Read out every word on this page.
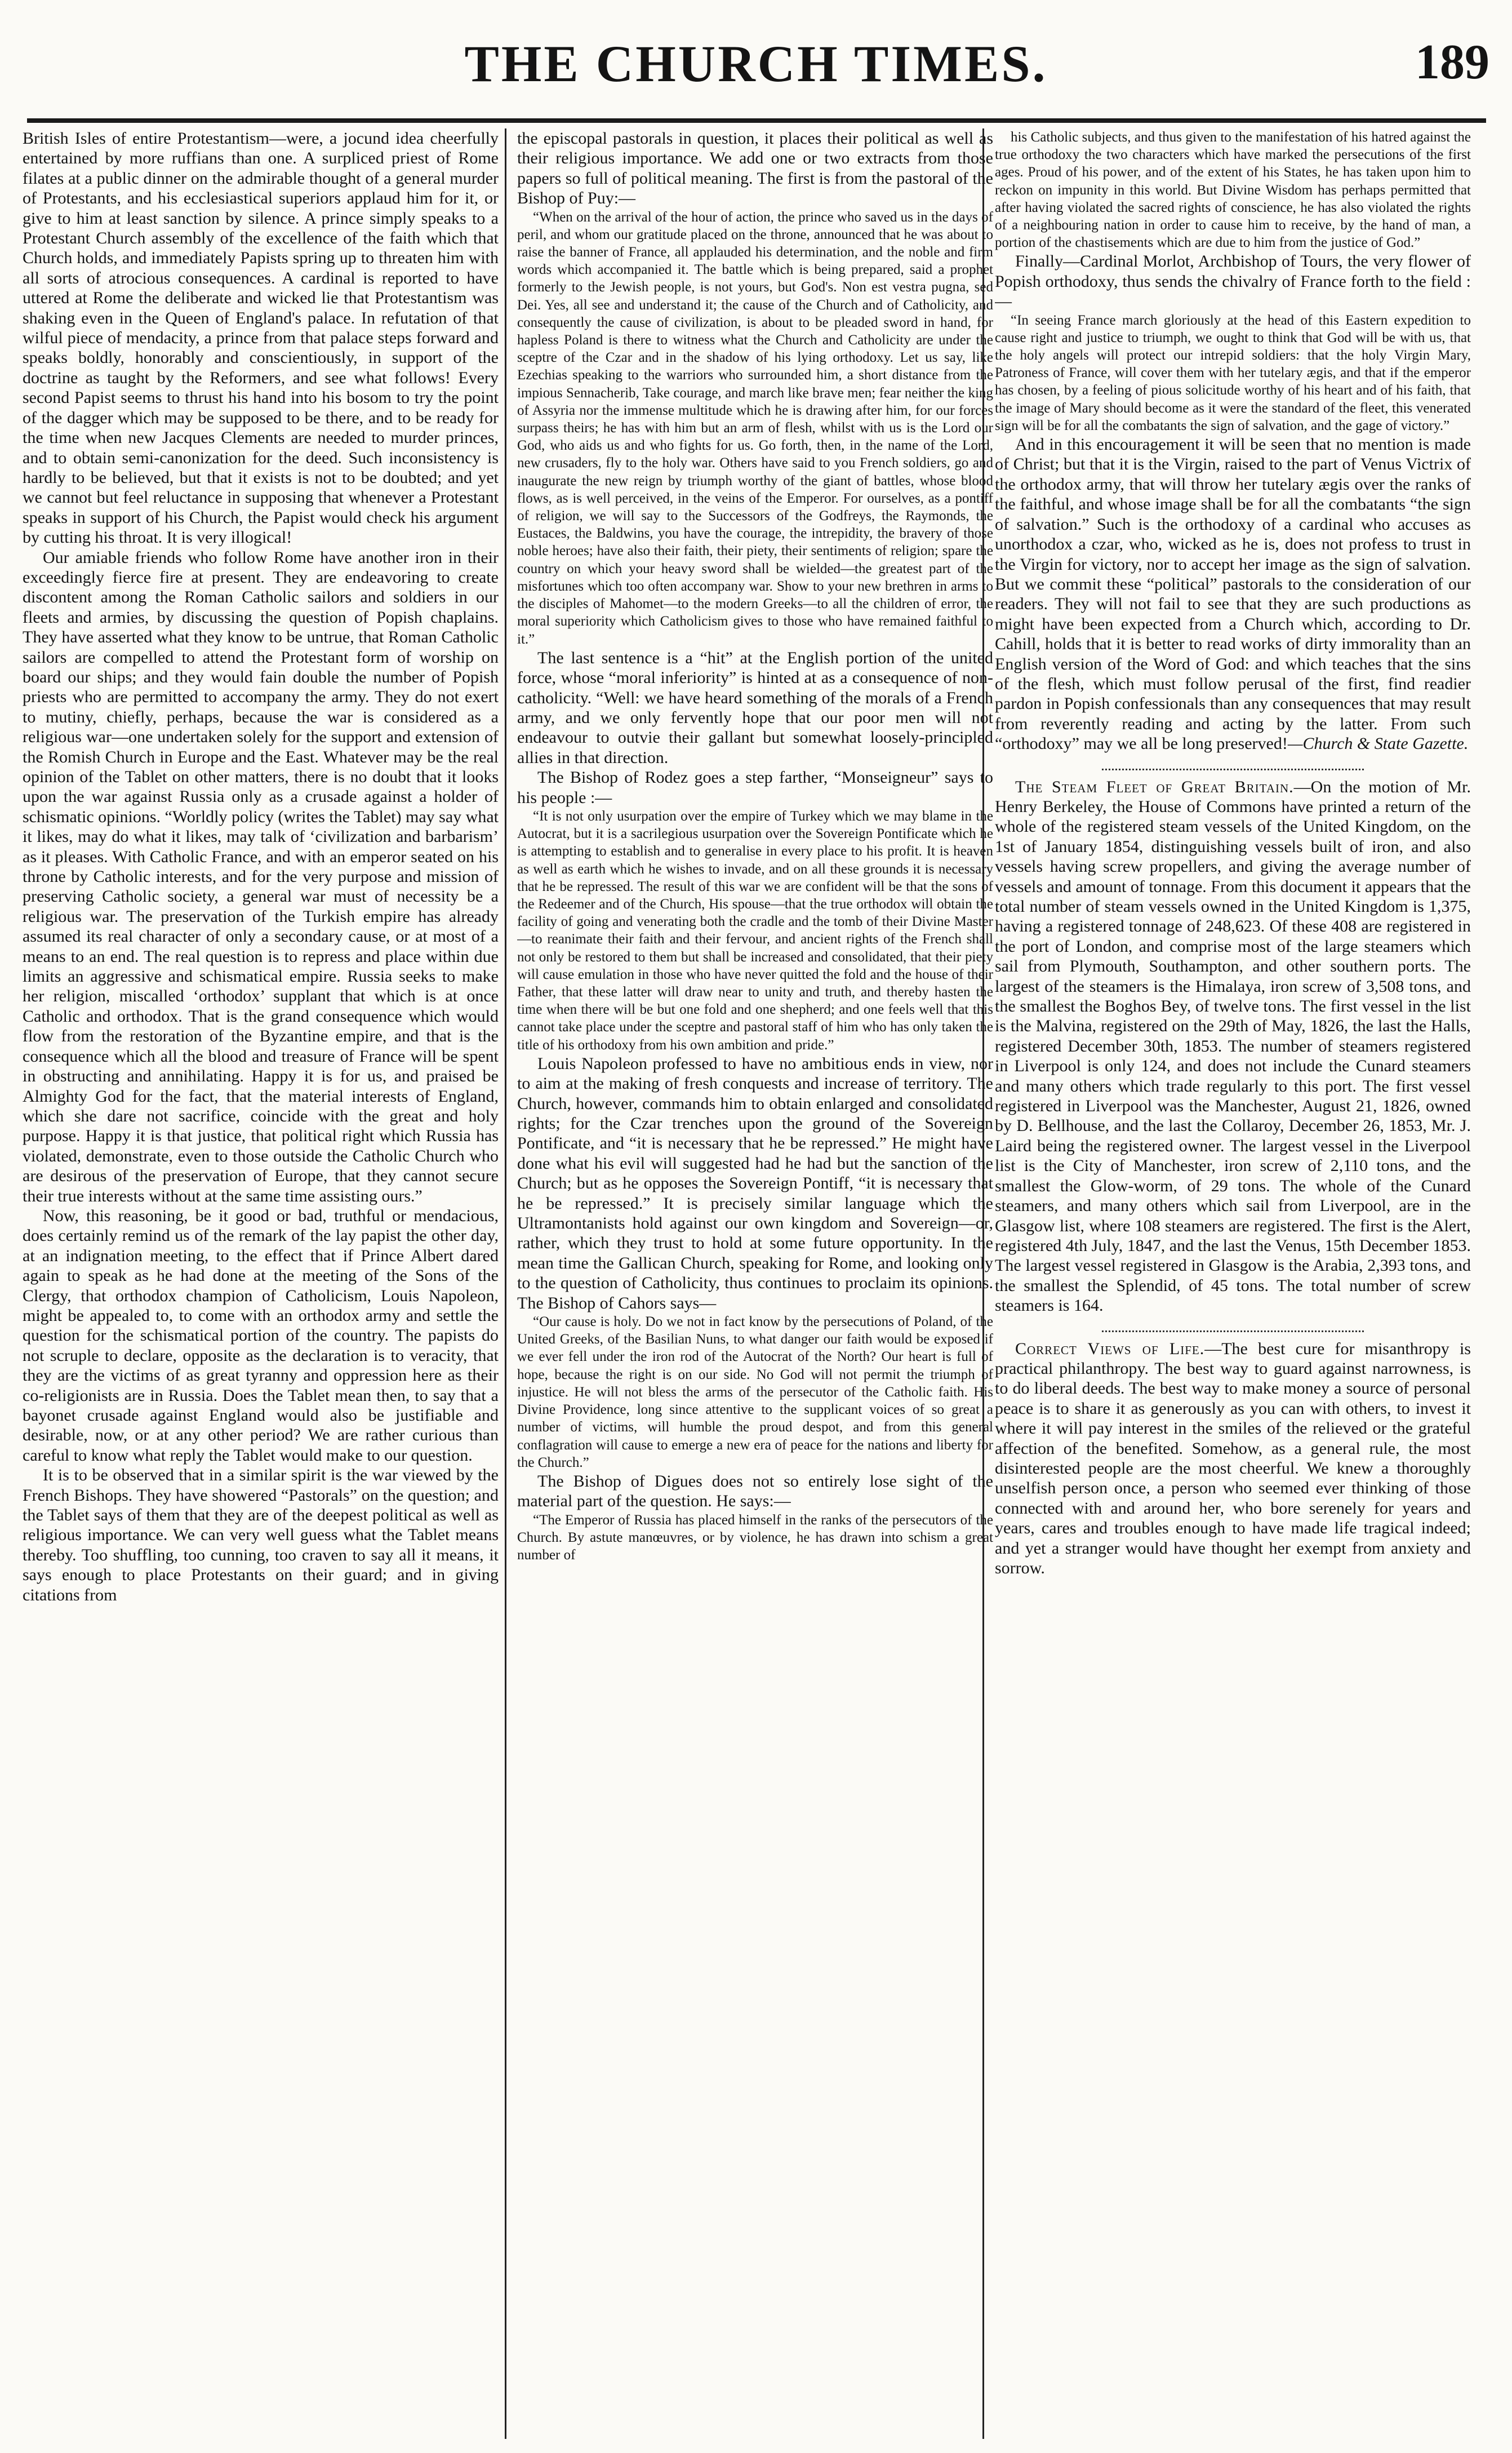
THE CHURCH TIMES.	189

British Isles of entire Protestantism—were, a jocund idea cheerfully entertained by more ruffians than one. A surpliced priest of Rome filates at a public dinner on the admirable thought of a general murder of Protestants, and his ecclesiastical superiors applaud him for it, or give to him at least sanction by silence. A prince simply speaks to a Protestant Church assembly of the excellence of the faith which that Church holds, and immediately Papists spring up to threaten him with all sorts of atrocious consequences. A cardinal is reported to have uttered at Rome the deliberate and wicked lie that Protestantism was shaking even in the Queen of England's palace. In refutation of that wilful piece of mendacity, a prince from that palace steps forward and speaks boldly, honorably and conscientiously, in support of the doctrine as taught by the Reformers, and see what follows! Every second Papist seems to thrust his hand into his bosom to try the point of the dagger which may be supposed to be there, and to be ready for the time when new Jacques Clements are needed to murder princes, and to obtain semi-canonization for the deed. Such inconsistency is hardly to be believed, but that it exists is not to be doubted; and yet we cannot but feel reluctance in supposing that whenever a Protestant speaks in support of his Church, the Papist would check his argument by cutting his throat. It is very illogical!

Our amiable friends who follow Rome have another iron in their exceedingly fierce fire at present. They are endeavoring to create discontent among the Roman Catholic sailors and soldiers in our fleets and armies, by discussing the question of Popish chaplains. They have asserted what they know to be untrue, that Roman Catholic sailors are compelled to attend the Protestant form of worship on board our ships; and they would fain double the number of Popish priests who are permitted to accompany the army. They do not exert to mutiny, chiefly, perhaps, because the war is considered as a religious war—one undertaken solely for the support and extension of the Romish Church in Europe and the East. Whatever may be the real opinion of the Tablet on other matters, there is no doubt that it looks upon the war against Russia only as a crusade against a holder of schismatic opinions. “Worldly policy (writes the Tablet) may say what it likes, may do what it likes, may talk of ‘civilization and barbarism’ as it pleases. With Catholic France, and with an emperor seated on his throne by Catholic interests, and for the very purpose and mission of preserving Catholic society, a general war must of necessity be a religious war. The preservation of the Turkish empire has already assumed its real character of only a secondary cause, or at most of a means to an end. The real question is to repress and place within due limits an aggressive and schismatical empire. Russia seeks to make her religion, miscalled ‘orthodox’ supplant that which is at once Catholic and orthodox. That is the grand consequence which would flow from the restoration of the Byzantine empire, and that is the consequence which all the blood and treasure of France will be spent in obstructing and annihilating. Happy it is for us, and praised be Almighty God for the fact, that the material interests of England, which she dare not sacrifice, coincide with the great and holy purpose. Happy it is that justice, that political right which Russia has violated, demonstrate, even to those outside the Catholic Church who are desirous of the preservation of Europe, that they cannot secure their true interests without at the same time assisting ours.”

Now, this reasoning, be it good or bad, truthful or mendacious, does certainly remind us of the remark of the lay papist the other day, at an indignation meeting, to the effect that if Prince Albert dared again to speak as he had done at the meeting of the Sons of the Clergy, that orthodox champion of Catholicism, Louis Napoleon, might be appealed to, to come with an orthodox army and settle the question for the schismatical portion of the country. The papists do not scruple to declare, opposite as the declaration is to veracity, that they are the victims of as great tyranny and oppression here as their co-religionists are in Russia. Does the Tablet mean then, to say that a bayonet crusade against England would also be justifiable and desirable, now, or at any other period? We are rather curious than careful to know what reply the Tablet would make to our question.

It is to be observed that in a similar spirit is the war viewed by the French Bishops. They have showered “Pastorals” on the question; and the Tablet says of them that they are of the deepest political as well as religious importance. We can very well guess what the Tablet means thereby. Too shuffling, too cunning, too craven to say all it means, it says enough to place Protestants on their guard; and in giving citations from

the episcopal pastorals in question, it places their political as well as their religious importance. We add one or two extracts from those papers so full of political meaning. The first is from the pastoral of the Bishop of Puy:—

“When on the arrival of the hour of action, the prince who saved us in the days of peril, and whom our gratitude placed on the throne, announced that he was about to raise the banner of France, all applauded his determination, and the noble and firm words which accompanied it. The battle which is being prepared, said a prophet formerly to the Jewish people, is not yours, but God's. Non est vestra pugna, sed Dei. Yes, all see and understand it; the cause of the Church and of Catholicity, and consequently the cause of civilization, is about to be pleaded sword in hand, for hapless Poland is there to witness what the Church and Catholicity are under the sceptre of the Czar and in the shadow of his lying orthodoxy. Let us say, like Ezechias speaking to the warriors who surrounded him, a short distance from the impious Sennacherib, Take courage, and march like brave men; fear neither the king of Assyria nor the immense multitude which he is drawing after him, for our forces surpass theirs; he has with him but an arm of flesh, whilst with us is the Lord our God, who aids us and who fights for us. Go forth, then, in the name of the Lord, new crusaders, fly to the holy war. Others have said to you French soldiers, go and inaugurate the new reign by triumph worthy of the giant of battles, whose blood flows, as is well perceived, in the veins of the Emperor. For ourselves, as a pontiff of religion, we will say to the Successors of the Godfreys, the Raymonds, the Eustaces, the Baldwins, you have the courage, the intrepidity, the bravery of those noble heroes; have also their faith, their piety, their sentiments of religion; spare the country on which your heavy sword shall be wielded—the greatest part of the misfortunes which too often accompany war. Show to your new brethren in arms to the disciples of Mahomet—to the modern Greeks—to all the children of error, the moral superiority which Catholicism gives to those who have remained faithful to it.”

The last sentence is a “hit” at the English portion of the united force, whose “moral inferiority” is hinted at as a consequence of non-catholicity. “Well: we have heard something of the morals of a French army, and we only fervently hope that our poor men will not endeavour to outvie their gallant but somewhat loosely-principled allies in that direction.

The Bishop of Rodez goes a step farther, “Monseigneur” says to his people :—

“It is not only usurpation over the empire of Turkey which we may blame in the Autocrat, but it is a sacrilegious usurpation over the Sovereign Pontificate which he is attempting to establish and to generalise in every place to his profit. It is heaven as well as earth which he wishes to invade, and on all these grounds it is necessary that he be repressed. The result of this war we are confident will be that the sons of the Redeemer and of the Church, His spouse—that the true orthodox will obtain the facility of going and venerating both the cradle and the tomb of their Divine Master—to reanimate their faith and their fervour, and ancient rights of the French shall not only be restored to them but shall be increased and consolidated, that their piety will cause emulation in those who have never quitted the fold and the house of their Father, that these latter will draw near to unity and truth, and thereby hasten the time when there will be but one fold and one shepherd; and one feels well that this cannot take place under the sceptre and pastoral staff of him who has only taken the title of his orthodoxy from his own ambition and pride.”

Louis Napoleon professed to have no ambitious ends in view, nor to aim at the making of fresh conquests and increase of territory. The Church, however, commands him to obtain enlarged and consolidated rights; for the Czar trenches upon the ground of the Sovereign Pontificate, and “it is necessary that he be repressed.” He might have done what his evil will suggested had he had but the sanction of the Church; but as he opposes the Sovereign Pontiff, “it is necessary that he be repressed.” It is precisely similar language which the Ultramontanists hold against our own kingdom and Sovereign—or, rather, which they trust to hold at some future opportunity. In the mean time the Gallican Church, speaking for Rome, and looking only to the question of Catholicity, thus continues to proclaim its opinions. The Bishop of Cahors says—

“Our cause is holy. Do we not in fact know by the persecutions of Poland, of the United Greeks, of the Basilian Nuns, to what danger our faith would be exposed if we ever fell under the iron rod of the Autocrat of the North? Our heart is full of hope, because the right is on our side. No God will not permit the triumph of injustice. He will not bless the arms of the persecutor of the Catholic faith. His Divine Providence, long since attentive to the supplicant voices of so great a number of victims, will humble the proud despot, and from this general conflagration will cause to emerge a new era of peace for the nations and liberty for the Church.”

The Bishop of Digues does not so entirely lose sight of the material part of the question. He says:—

“The Emperor of Russia has placed himself in the ranks of the persecutors of the Church. By astute manœuvres, or by violence, he has drawn into schism a great number of

his Catholic subjects, and thus given to the manifestation of his hatred against the true orthodoxy the two characters which have marked the persecutions of the first ages. Proud of his power, and of the extent of his States, he has taken upon him to reckon on impunity in this world. But Divine Wisdom has perhaps permitted that after having violated the sacred rights of conscience, he has also violated the rights of a neighbouring nation in order to cause him to receive, by the hand of man, a portion of the chastisements which are due to him from the justice of God.”

Finally—Cardinal Morlot, Archbishop of Tours, the very flower of Popish orthodoxy, thus sends the chivalry of France forth to the field :—

“In seeing France march gloriously at the head of this Eastern expedition to cause right and justice to triumph, we ought to think that God will be with us, that the holy angels will protect our intrepid soldiers: that the holy Virgin Mary, Patroness of France, will cover them with her tutelary ægis, and that if the emperor has chosen, by a feeling of pious solicitude worthy of his heart and of his faith, that the image of Mary should become as it were the standard of the fleet, this venerated sign will be for all the combatants the sign of salvation, and the gage of victory.”

And in this encouragement it will be seen that no mention is made of Christ; but that it is the Virgin, raised to the part of Venus Victrix of the orthodox army, that will throw her tutelary ægis over the ranks of the faithful, and whose image shall be for all the combatants “the sign of salvation.” Such is the orthodoxy of a cardinal who accuses as unorthodox a czar, who, wicked as he is, does not profess to trust in the Virgin for victory, nor to accept her image as the sign of salvation. But we commit these “political” pastorals to the consideration of our readers. They will not fail to see that they are such productions as might have been expected from a Church which, according to Dr. Cahill, holds that it is better to read works of dirty immorality than an English version of the Word of God: and which teaches that the sins of the flesh, which must follow perusal of the first, find readier pardon in Popish confessionals than any consequences that may result from reverently reading and acting by the latter. From such “orthodoxy” may we all be long preserved!—Church & State Gazette.

The Steam Fleet of Great Britain.—On the motion of Mr. Henry Berkeley, the House of Commons have printed a return of the whole of the registered steam vessels of the United Kingdom, on the 1st of January 1854, distinguishing vessels built of iron, and also vessels having screw propellers, and giving the average number of vessels and amount of tonnage. From this document it appears that the total number of steam vessels owned in the United Kingdom is 1,375, having a registered tonnage of 248,623. Of these 408 are registered in the port of London, and comprise most of the large steamers which sail from Plymouth, Southampton, and other southern ports. The largest of the steamers is the Himalaya, iron screw of 3,508 tons, and the smallest the Boghos Bey, of twelve tons. The first vessel in the list is the Malvina, registered on the 29th of May, 1826, the last the Halls, registered December 30th, 1853. The number of steamers registered in Liverpool is only 124, and does not include the Cunard steamers and many others which trade regularly to this port. The first vessel registered in Liverpool was the Manchester, August 21, 1826, owned by D. Bellhouse, and the last the Collaroy, December 26, 1853, Mr. J. Laird being the registered owner. The largest vessel in the Liverpool list is the City of Manchester, iron screw of 2,110 tons, and the smallest the Glow-worm, of 29 tons. The whole of the Cunard steamers, and many others which sail from Liverpool, are in the Glasgow list, where 108 steamers are registered. The first is the Alert, registered 4th July, 1847, and the last the Venus, 15th December 1853. The largest vessel registered in Glasgow is the Arabia, 2,393 tons, and the smallest the Splendid, of 45 tons. The total number of screw steamers is 164.

Correct Views of Life.—The best cure for misanthropy is practical philanthropy. The best way to guard against narrowness, is to do liberal deeds. The best way to make money a source of personal peace is to share it as generously as you can with others, to invest it where it will pay interest in the smiles of the relieved or the grateful affection of the benefited. Somehow, as a general rule, the most disinterested people are the most cheerful. We knew a thoroughly unselfish person once, a person who seemed ever thinking of those connected with and around her, who bore serenely for years and years, cares and troubles enough to have made life tragical indeed; and yet a stranger would have thought her exempt from anxiety and sorrow.
